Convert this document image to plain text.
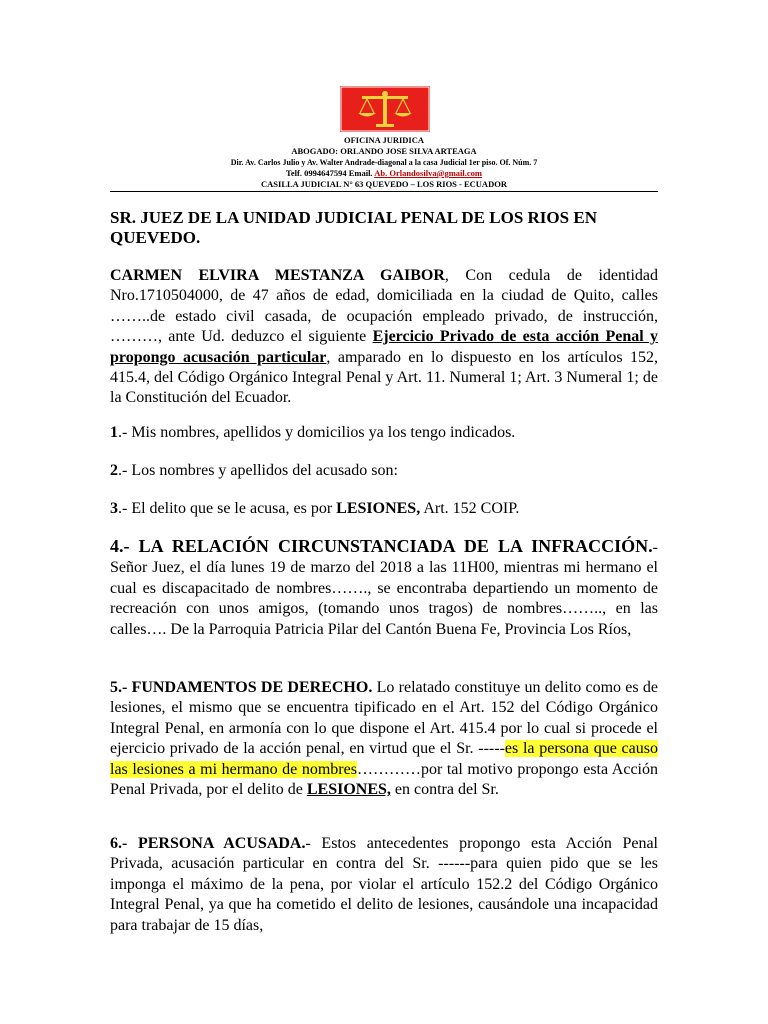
OFICINA JURIDICA
ABOGADO: ORLANDO JOSE SILVA ARTEAGA
Dir. Av. Carlos Julio y Av. Walter Andrade-diagonal a la casa Judicial 1er piso. Of. Núm. 7
Telf. 0994647594 Email. Ab. Orlandosilva@gmail.com
CASILLA JUDICIAL N° 63 QUEVEDO – LOS RIOS - ECUADOR
SR. JUEZ DE LA UNIDAD JUDICIAL PENAL DE LOS RIOS EN QUEVEDO.

CARMEN ELVIRA MESTANZA GAIBOR, Con cedula de identidad Nro.1710504000, de 47 años de edad, domiciliada en la ciudad de Quito, calles ……..de estado civil casada, de ocupación empleado privado, de instrucción, ………, ante Ud. deduzco el siguiente Ejercicio Privado de esta acción Penal y propongo acusación particular, amparado en lo dispuesto en los artículos 152, 415.4, del Código Orgánico Integral Penal y Art. 11. Numeral 1; Art. 3 Numeral 1; de la Constitución del Ecuador.

1.- Mis nombres, apellidos y domicilios ya los tengo indicados.
2.- Los nombres y apellidos del acusado son:
3.- El delito que se le acusa, es por LESIONES, Art. 152 COIP.
4.- LA RELACIÓN CIRCUNSTANCIADA DE LA INFRACCIÓN.- Señor Juez, el día lunes 19 de marzo del 2018 a las 11H00, mientras mi hermano el cual es discapacitado de nombres……., se encontraba departiendo un momento de recreación con unos amigos, (tomando unos tragos) de nombres…….., en las calles…. De la Parroquia Patricia Pilar del Cantón Buena Fe, Provincia Los Ríos,
5.- FUNDAMENTOS DE DERECHO. Lo relatado constituye un delito como es de lesiones, el mismo que se encuentra tipificado en el Art. 152 del Código Orgánico Integral Penal, en armonía con lo que dispone el Art. 415.4 por lo cual si procede el ejercicio privado de la acción penal, en virtud que el Sr. -----es la persona que causo las lesiones a mi hermano de nombres…………por tal motivo propongo esta Acción Penal Privada, por el delito de LESIONES, en contra del Sr.
6.- PERSONA ACUSADA.- Estos antecedentes propongo esta Acción Penal Privada, acusación particular en contra del Sr. ------para quien pido que se les imponga el máximo de la pena, por violar el artículo 152.2 del Código Orgánico Integral Penal, ya que ha cometido el delito de lesiones, causándole una incapacidad para trabajar de 15 días,
